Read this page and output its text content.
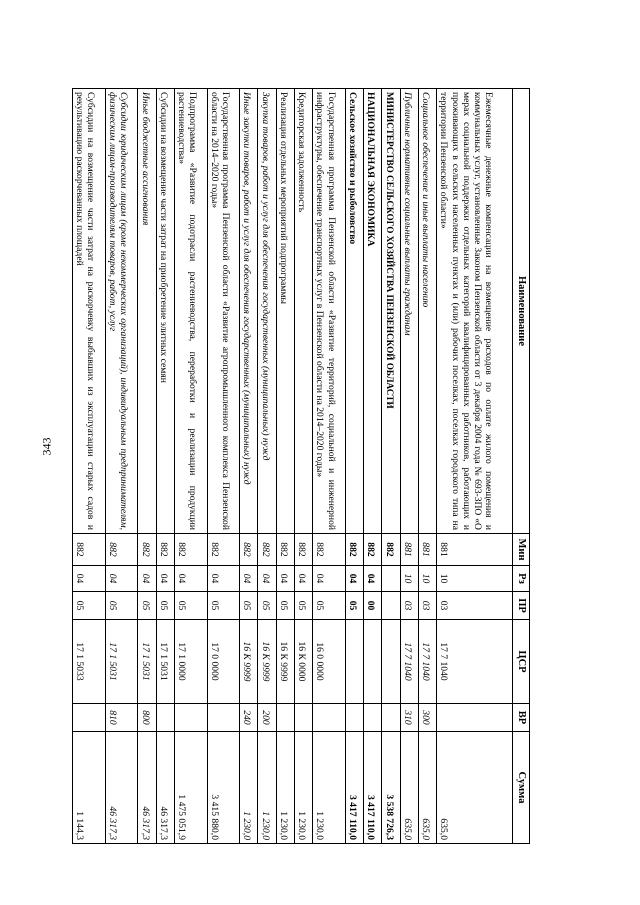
343
Наименование	Мин	Рз	ПР	ЦСР	ВР	Сумма
Ежемесячные денежные компенсации на возмещение расходов по оплате жилого помещения и коммунальных услуг, установленные Законом Пензенской области от 3 декабря 2004 года № 693-ЗПО «О мерах социальной поддержки отдельных категорий квалифицированных работников, работающих и проживающих в сельских населенных пунктах и (или) рабочих поселках, поселках городского типа на территории Пензенской области»	881	10	03	17 7 1040		635,0
Социальное обеспечение и иные выплаты населению	881	10	03	17 7 1040	300	635,0
Публичные нормативные социальные выплаты гражданам	881	10	03	17 7 1040	310	635,0
МИНИСТЕРСТВО СЕЛЬСКОГО ХОЗЯЙСТВА ПЕНЗЕНСКОЙ ОБЛАСТИ	882					3 538 726,3
НАЦИОНАЛЬНАЯ ЭКОНОМИКА	882	04	00			3 417 110,0
Сельское хозяйство и рыболовство	882	04	05			3 417 110,0
Государственная программа Пензенской области «Развитие территорий, социальной и инженерной инфраструктуры, обеспечение транспортных услуг в Пензенской области на 2014–2020 годы»	882	04	05	16 0 0000		1 230,0
Кредиторская задолженность	882	04	05	16 К 0000		1 230,0
Реализация отдельных мероприятий подпрограммы	882	04	05	16 К 9999		1 230,0
Закупка товаров, работ и услуг для обеспечения государственных (муниципальных) нужд	882	04	05	16 К 9999	200	1 230,0
Иные закупки товаров, работ и услуг для обеспечения государственных (муниципальных) нужд	882	04	05	16 К 9999	240	1 230,0
Государственная программа Пензенской области «Развитие агропромышленного комплекса Пензенской области на 2014–2020 годы»	882	04	05	17 0 0000		3 415 880,0
Подпрограмма «Развитие подотрасли растениеводства, переработки и реализации продукции растениеводства»	882	04	05	17 1 0000		1 475 051,9
Субсидии на возмещение части затрат на приобретение элитных семян	882	04	05	17 1 5031		46 317,3
Иные бюджетные ассигнования	882	04	05	17 1 5031	800	46 317,3
Субсидии юридическим лицам (кроме некоммерческих организаций), индивидуальным предпринимателям, физическим лицам-производителям товаров, работ, услуг	882	04	05	17 1 5031	810	46 317,3
Субсидии на возмещение части затрат на раскорчевку выбывших из эксплуатации старых садов и рекультивацию раскорчеванных площадей	882	04	05	17 1 5033		1 144,3
